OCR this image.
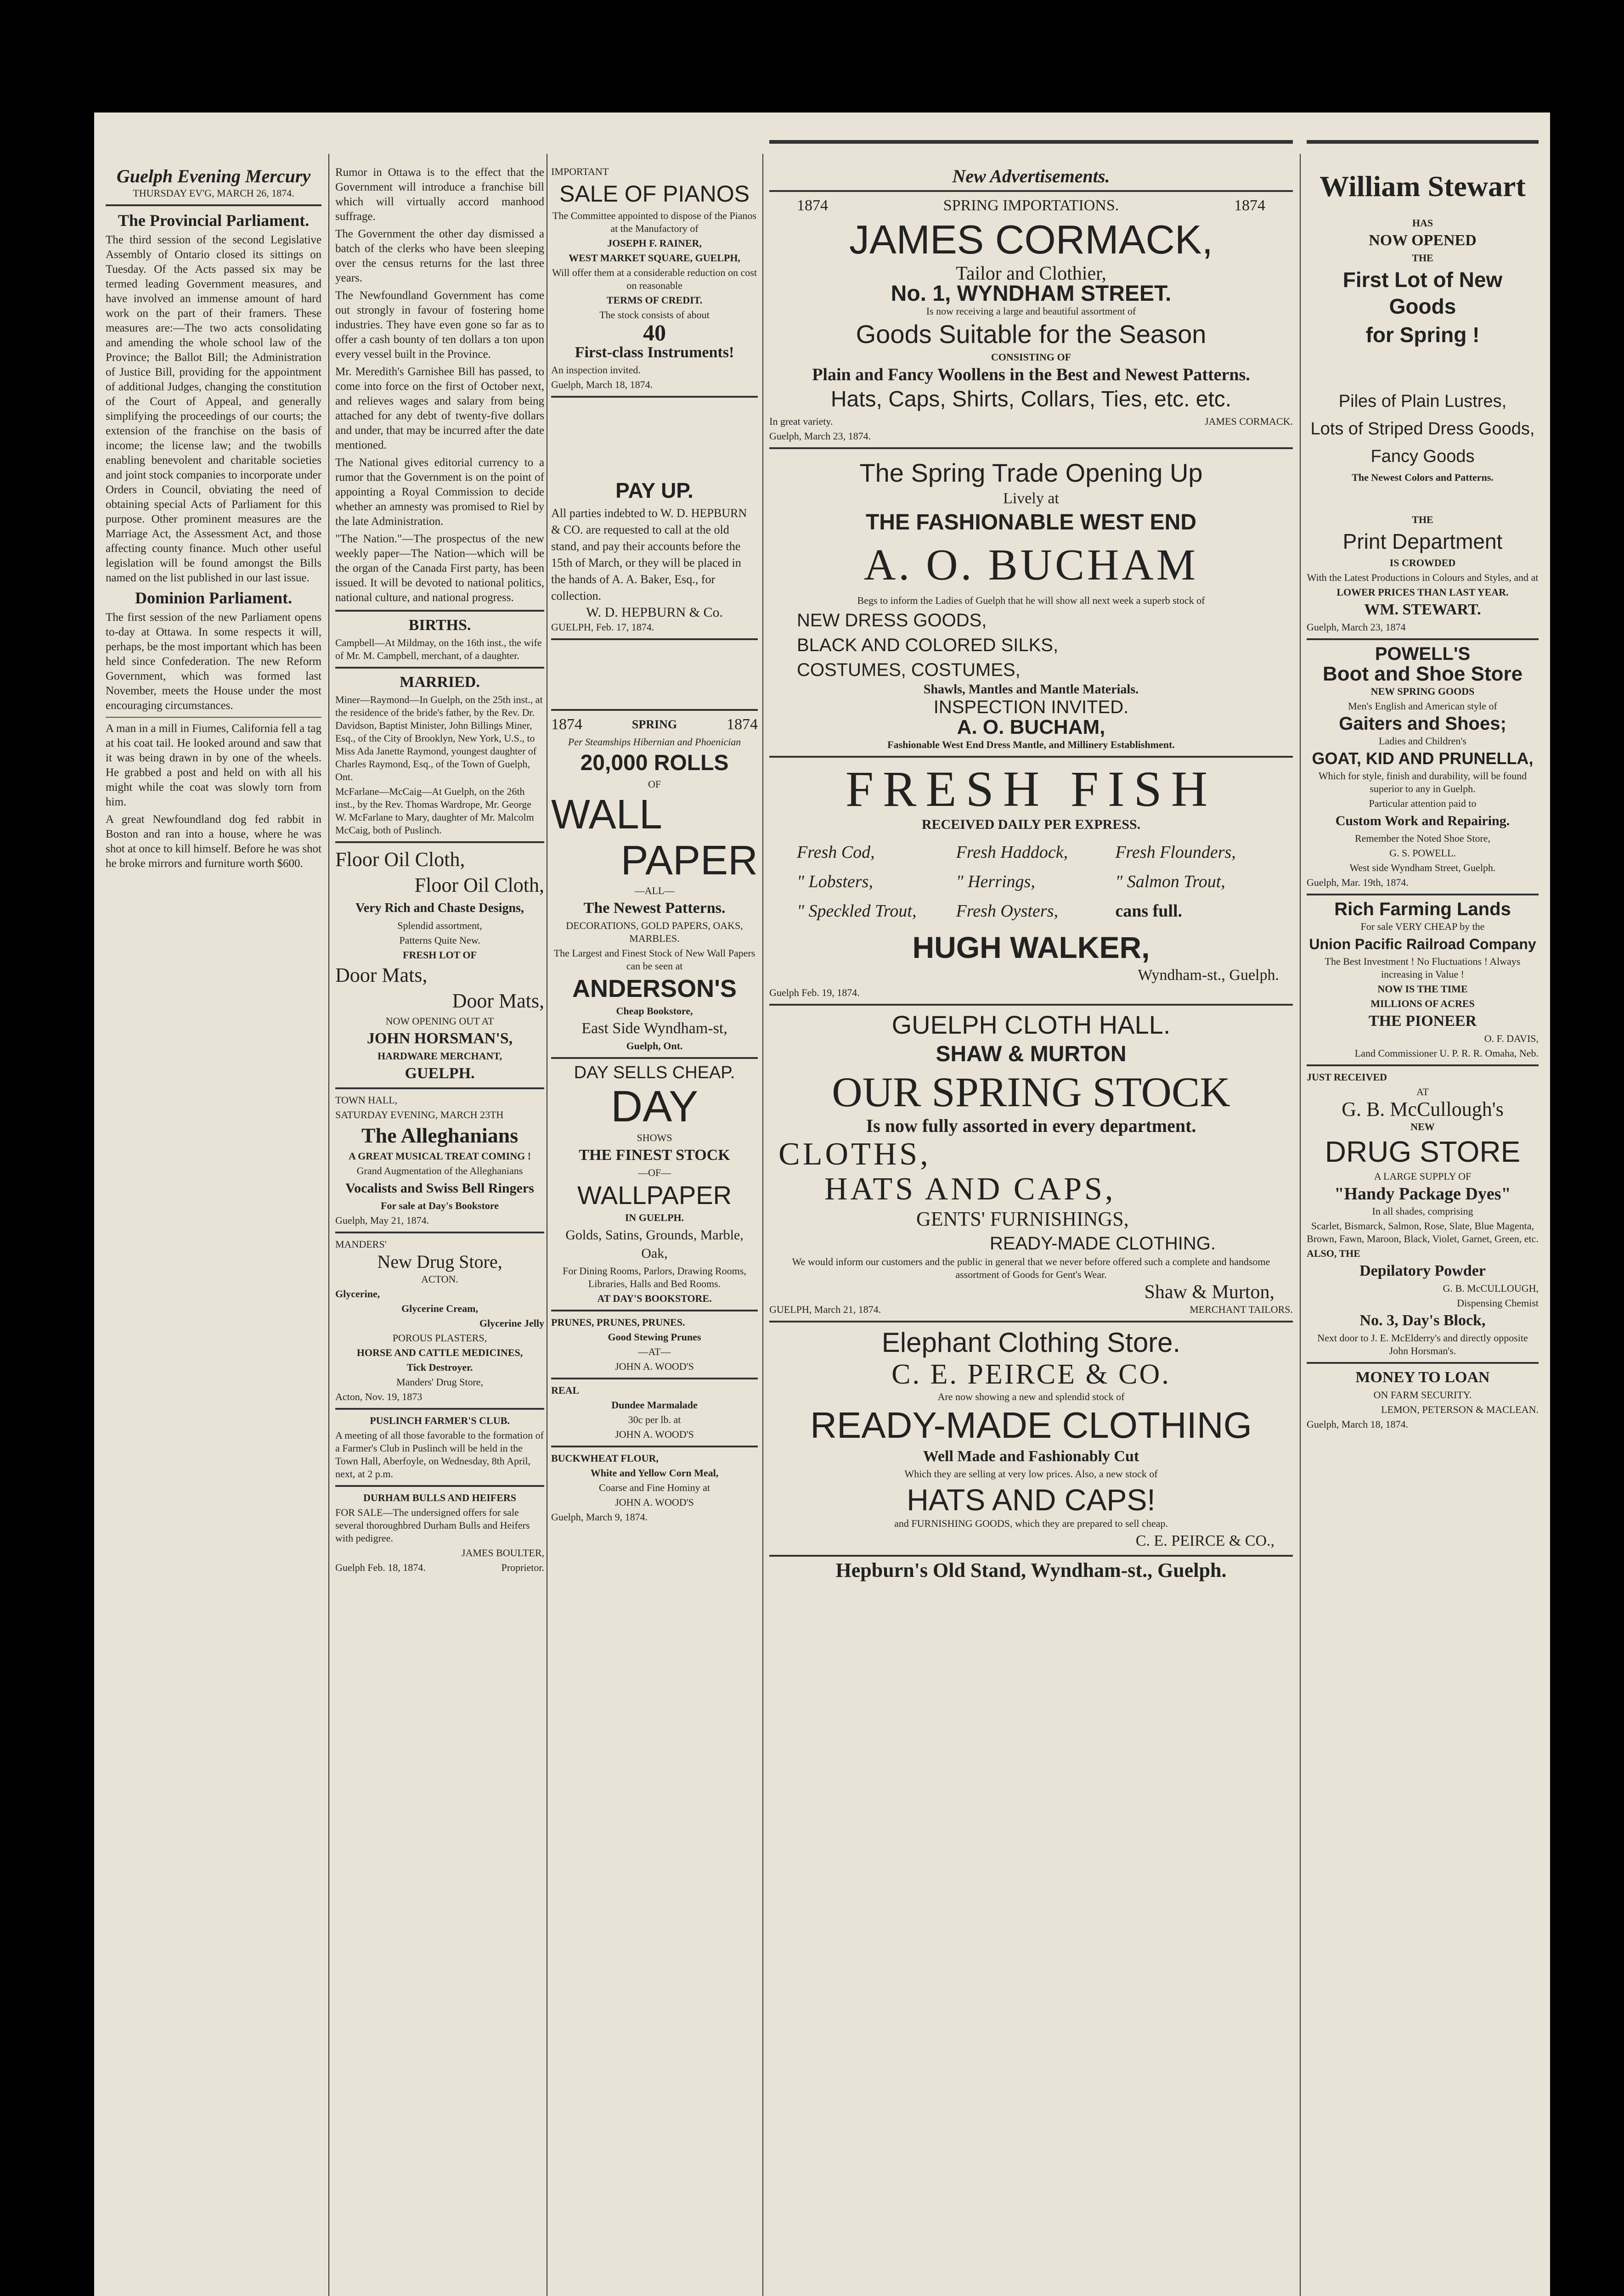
Guelph Evening Mercury
THURSDAY EV'G, MARCH 26, 1874.
The Provincial Parliament.

The third session of the second Legislative Assembly of Ontario closed its sittings on Tuesday. Of the Acts passed six may be termed leading Government measures, and have involved an immense amount of hard work on the part of their framers. These measures are:—The two acts consolidating and amending the whole school law of the Province; the Ballot Bill; the Administration of Justice Bill, providing for the appointment of additional Judges, changing the constitution of the Court of Appeal, and generally simplifying the proceedings of our courts; the extension of the franchise on the basis of income; the license law; and the twobills enabling benevolent and charitable societies and joint stock companies to incorporate under Orders in Council, obviating the need of obtaining special Acts of Parliament for this purpose. Other prominent measures are the Marriage Act, the Assessment Act, and those affecting county finance. Much other useful legislation will be found amongst the Bills named on the list published in our last issue.

Dominion Parliament.

The first session of the new Parliament opens to-day at Ottawa. In some respects it will, perhaps, be the most important which has been held since Confederation. The new Reform Government, which was formed last November, meets the House under the most encouraging circumstances.

A man in a mill in Fiumes, California fell a tag at his coat tail. He looked around and saw that it was being drawn in by one of the wheels. He grabbed a post and held on with all his might while the coat was slowly torn from him.

A great Newfoundland dog fed rabbit in Boston and ran into a house, where he was shot at once to kill himself. Before he was shot he broke mirrors and furniture worth $600.

Rumor in Ottawa is to the effect that the Government will introduce a franchise bill which will virtually accord manhood suffrage.

The Government the other day dismissed a batch of the clerks who have been sleeping over the census returns for the last three years.

The Newfoundland Government has come out strongly in favour of fostering home industries. They have even gone so far as to offer a cash bounty of ten dollars a ton upon every vessel built in the Province.

Mr. Meredith's Garnishee Bill has passed, to come into force on the first of October next, and relieves wages and salary from being attached for any debt of twenty-five dollars and under, that may be incurred after the date mentioned.

The National gives editorial currency to a rumor that the Government is on the point of appointing a Royal Commission to decide whether an amnesty was promised to Riel by the late Administration.

"The Nation."—The prospectus of the new weekly paper—The Nation—which will be the organ of the Canada First party, has been issued. It will be devoted to national politics, national culture, and national progress.

BIRTHS.

Campbell—At Mildmay, on the 16th inst., the wife of Mr. M. Campbell, merchant, of a daughter.

MARRIED.

Miner—Raymond—In Guelph, on the 25th inst., at the residence of the bride's father, by the Rev. Dr. Davidson, Baptist Minister, John Billings Miner, Esq., of the City of Brooklyn, New York, U.S., to Miss Ada Janette Raymond, youngest daughter of Charles Raymond, Esq., of the Town of Guelph, Ont.

McFarlane—McCaig—At Guelph, on the 26th inst., by the Rev. Thomas Wardrope, Mr. George W. McFarlane to Mary, daughter of Mr. Malcolm McCaig, both of Puslinch.

Floor Oil Cloth,
Floor Oil Cloth,
Very Rich and Chaste Designs,
Splendid assortment,
Patterns Quite New.
FRESH LOT OF
Door Mats,
Door Mats,
NOW OPENING OUT AT
JOHN HORSMAN'S,
HARDWARE MERCHANT,
GUELPH.
TOWN HALL,
SATURDAY EVENING, MARCH 23TH
The Alleghanians
A GREAT MUSICAL TREAT COMING !
Grand Augmentation of the Alleghanians
Vocalists and Swiss Bell Ringers
For sale at Day's Bookstore
Guelph, May 21, 1874.
MANDERS'
New Drug Store,
ACTON.
Glycerine,
Glycerine Cream,
Glycerine Jelly
POROUS PLASTERS,
HORSE AND CATTLE MEDICINES,
Tick Destroyer.
Manders' Drug Store,
Acton, Nov. 19, 1873
PUSLINCH FARMER'S CLUB.

A meeting of all those favorable to the formation of a Farmer's Club in Puslinch will be held in the Town Hall, Aberfoyle, on Wednesday, 8th April, next, at 2 p.m.

DURHAM BULLS AND HEIFERS

FOR SALE—The undersigned offers for sale several thoroughbred Durham Bulls and Heifers with pedigree.

JAMES BOULTER,
Guelph Feb. 18, 1874.	Proprietor.
IMPORTANT
SALE OF PIANOS

The Committee appointed to dispose of the Pianos at the Manufactory of

JOSEPH F. RAINER,
WEST MARKET SQUARE, GUELPH,

Will offer them at a considerable reduction on cost on reasonable

TERMS OF CREDIT.
The stock consists of about
40
First-class Instruments!
An inspection invited.
Guelph, March 18, 1874.
PAY UP.

All parties indebted to W. D. HEPBURN & CO. are requested to call at the old stand, and pay their accounts before the 15th of March, or they will be placed in the hands of A. A. Baker, Esq., for collection.

W. D. HEPBURN & Co.
GUELPH, Feb. 17, 1874.
1874	SPRING	1874
Per Steamships Hibernian and Phoenician
20,000 ROLLS
OF
WALL
PAPER
—ALL—
The Newest Patterns.
DECORATIONS, GOLD PAPERS, OAKS, MARBLES.
The Largest and Finest Stock of New Wall Papers can be seen at
ANDERSON'S
Cheap Bookstore,
East Side Wyndham-st,
Guelph, Ont.
DAY SELLS CHEAP.
DAY
SHOWS
THE FINEST STOCK
—OF—
WALLPAPER
IN GUELPH.
Golds, Satins, Grounds, Marble, Oak,
For Dining Rooms, Parlors, Drawing Rooms, Libraries, Halls and Bed Rooms.
AT DAY'S BOOKSTORE.
PRUNES, PRUNES, PRUNES.
Good Stewing Prunes
—AT—
JOHN A. WOOD'S
REAL
Dundee Marmalade
30c per lb. at
JOHN A. WOOD'S
BUCKWHEAT FLOUR,
White and Yellow Corn Meal,
Coarse and Fine Hominy at
JOHN A. WOOD'S
Guelph, March 9, 1874.
New Advertisements.
1874	SPRING IMPORTATIONS.	1874
JAMES CORMACK,
Tailor and Clothier,
No. 1, WYNDHAM STREET.
Is now receiving a large and beautiful assortment of
Goods Suitable for the Season
CONSISTING OF
Plain and Fancy Woollens in the Best and Newest Patterns.
Hats, Caps, Shirts, Collars, Ties, etc. etc.
In great variety.	JAMES CORMACK.
Guelph, March 23, 1874.
The Spring Trade Opening Up
Lively at
THE FASHIONABLE WEST END
A. O. BUCHAM
Begs to inform the Ladies of Guelph that he will show all next week a superb stock of
NEW DRESS GOODS,
BLACK AND COLORED SILKS,
COSTUMES, COSTUMES,
Shawls, Mantles and Mantle Materials.
INSPECTION INVITED.
A. O. BUCHAM,
Fashionable West End Dress Mantle, and Millinery Establishment.
FRESH FISH
RECEIVED DAILY PER EXPRESS.
Fresh Cod,	Fresh Haddock,	Fresh Flounders,
" Lobsters,	" Herrings,	" Salmon Trout,
" Speckled Trout,	Fresh Oysters,	cans full.
HUGH WALKER,
Wyndham-st., Guelph.
Guelph Feb. 19, 1874.
GUELPH CLOTH HALL.
SHAW & MURTON
OUR SPRING STOCK
Is now fully assorted in every department.
CLOTHS,
HATS AND CAPS,
GENTS' FURNISHINGS,
READY-MADE CLOTHING.
We would inform our customers and the public in general that we never before offered such a complete and handsome assortment of Goods for Gent's Wear.
Shaw & Murton,
GUELPH, March 21, 1874.	MERCHANT TAILORS.
Elephant Clothing Store.
C. E. PEIRCE & CO.
Are now showing a new and splendid stock of
READY-MADE CLOTHING
Well Made and Fashionably Cut
Which they are selling at very low prices. Also, a new stock of
HATS AND CAPS!
and FURNISHING GOODS, which they are prepared to sell cheap.
C. E. PEIRCE & CO.,
Hepburn's Old Stand, Wyndham-st., Guelph.
William Stewart
HAS
NOW OPENED
THE
First Lot of New Goods
for Spring !
Piles of Plain Lustres,
Lots of Striped Dress Goods,
Fancy Goods
The Newest Colors and Patterns.
THE
Print Department
IS CROWDED
With the Latest Productions in Colours and Styles, and at
LOWER PRICES THAN LAST YEAR.
WM. STEWART.
Guelph, March 23, 1874
POWELL'S
Boot and Shoe Store
NEW SPRING GOODS
Men's English and American style of
Gaiters and Shoes;
Ladies and Children's
GOAT, KID AND PRUNELLA,
Which for style, finish and durability, will be found superior to any in Guelph.
Particular attention paid to
Custom Work and Repairing.
Remember the Noted Shoe Store,
G. S. POWELL.
West side Wyndham Street, Guelph.
Guelph, Mar. 19th, 1874.
Rich Farming Lands
For sale VERY CHEAP by the
Union Pacific Railroad Company
The Best Investment ! No Fluctuations ! Always increasing in Value !
NOW IS THE TIME
MILLIONS OF ACRES
THE PIONEER
O. F. DAVIS,
Land Commissioner U. P. R. R. Omaha, Neb.
JUST RECEIVED
AT
G. B. McCullough's
NEW
DRUG STORE
A LARGE SUPPLY OF
"Handy Package Dyes"
In all shades, comprising
Scarlet, Bismarck, Salmon, Rose, Slate, Blue Magenta, Brown, Fawn, Maroon, Black, Violet, Garnet, Green, etc.
ALSO, THE
Depilatory Powder
G. B. McCULLOUGH,
Dispensing Chemist
No. 3, Day's Block,
Next door to J. E. McElderry's and directly opposite John Horsman's.
MONEY TO LOAN
ON FARM SECURITY.
LEMON, PETERSON & MACLEAN.
Guelph, March 18, 1874.
